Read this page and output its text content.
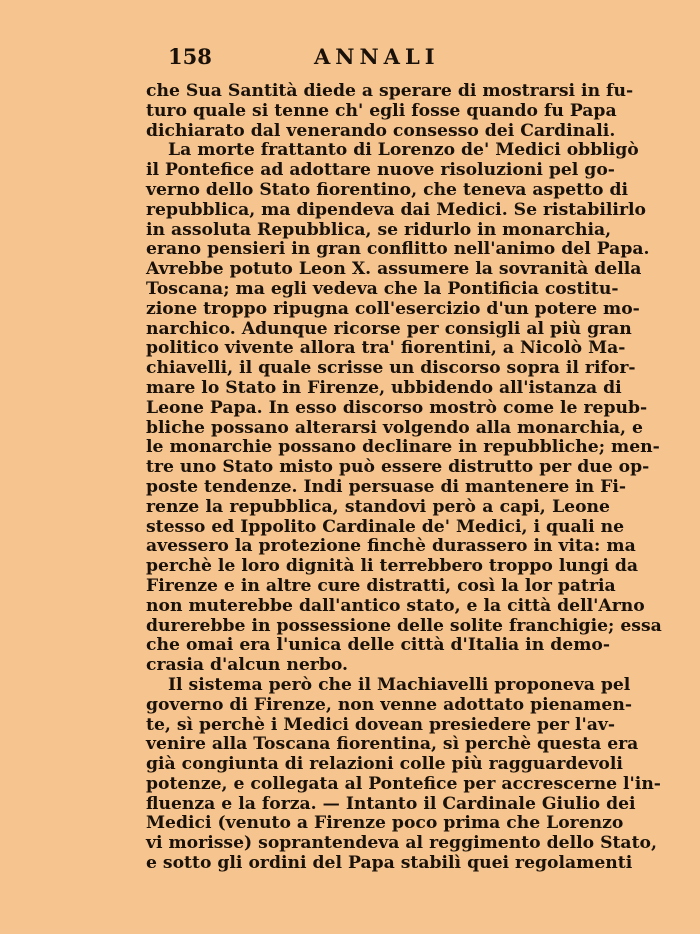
158	ANNALI
che Sua Santità diede a sperare di mostrarsi in fu-
turo quale si tenne ch' egli fosse quando fu Papa
dichiarato dal venerando consesso dei Cardinali.
La morte frattanto di Lorenzo de' Medici obbligò
il Pontefice ad adottare nuove risoluzioni pel go-
verno dello Stato fiorentino, che teneva aspetto di
repubblica, ma dipendeva dai Medici. Se ristabilirlo
in assoluta Repubblica, se ridurlo in monarchia,
erano pensieri in gran conflitto nell'animo del Papa.
Avrebbe potuto Leon X. assumere la sovranità della
Toscana; ma egli vedeva che la Pontificia costitu-
zione troppo ripugna coll'esercizio d'un potere mo-
narchico. Adunque ricorse per consigli al più gran
politico vivente allora tra' fiorentini, a Nicolò Ma-
chiavelli, il quale scrisse un discorso sopra il rifor-
mare lo Stato in Firenze, ubbidendo all'istanza di
Leone Papa. In esso discorso mostrò come le repub-
bliche possano alterarsi volgendo alla monarchia, e
le monarchie possano declinare in repubbliche; men-
tre uno Stato misto può essere distrutto per due op-
poste tendenze. Indi persuase di mantenere in Fi-
renze la repubblica, standovi però a capi, Leone
stesso ed Ippolito Cardinale de' Medici, i quali ne
avessero la protezione finchè durassero in vita: ma
perchè le loro dignità li terrebbero troppo lungi da
Firenze e in altre cure distratti, così la lor patria
non muterebbe dall'antico stato, e la città dell'Arno
durerebbe in possessione delle solite franchigie; essa
che omai era l'unica delle città d'Italia in demo-
crasia d'alcun nerbo.
Il sistema però che il Machiavelli proponeva pel
governo di Firenze, non venne adottato pienamen-
te, sì perchè i Medici dovean presiedere per l'av-
venire alla Toscana fiorentina, sì perchè questa era
già congiunta di relazioni colle più ragguardevoli
potenze, e collegata al Pontefice per accrescerne l'in-
fluenza e la forza. — Intanto il Cardinale Giulio dei
Medici (venuto a Firenze poco prima che Lorenzo
vi morisse) soprantendeva al reggimento dello Stato,
e sotto gli ordini del Papa stabilì quei regolamenti
